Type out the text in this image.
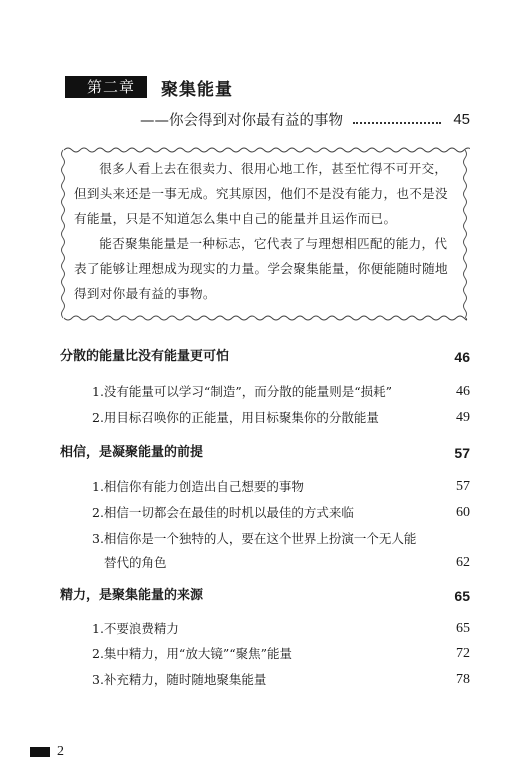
第二章	聚集能量
——你会得到对你最有益的事物	45

很多人看上去在很卖力、很用心地工作，甚至忙得不可开交，但到头来还是一事无成。究其原因，他们不是没有能力，也不是没有能量，只是不知道怎么集中自己的能量并且运作而已。

能否聚集能量是一种标志，它代表了与理想相匹配的能力，代表了能够让理想成为现实的力量。学会聚集能量，你便能随时随地得到对你最有益的事物。

分散的能量比没有能量更可怕	46
1.没有能量可以学习“制造”，而分散的能量则是“损耗”	46
2.用目标召唤你的正能量，用目标聚集你的分散能量	49
相信，是凝聚能量的前提	57
1.相信你有能力创造出自己想要的事物	57
2.相信一切都会在最佳的时机以最佳的方式来临	60
3.相信你是一个独特的人，要在这个世界上扮演一个无人能
替代的角色	62
精力，是聚集能量的来源	65
1.不要浪费精力	65
2.集中精力，用“放大镜”“聚焦”能量	72
3.补充精力，随时随地聚集能量	78
2
